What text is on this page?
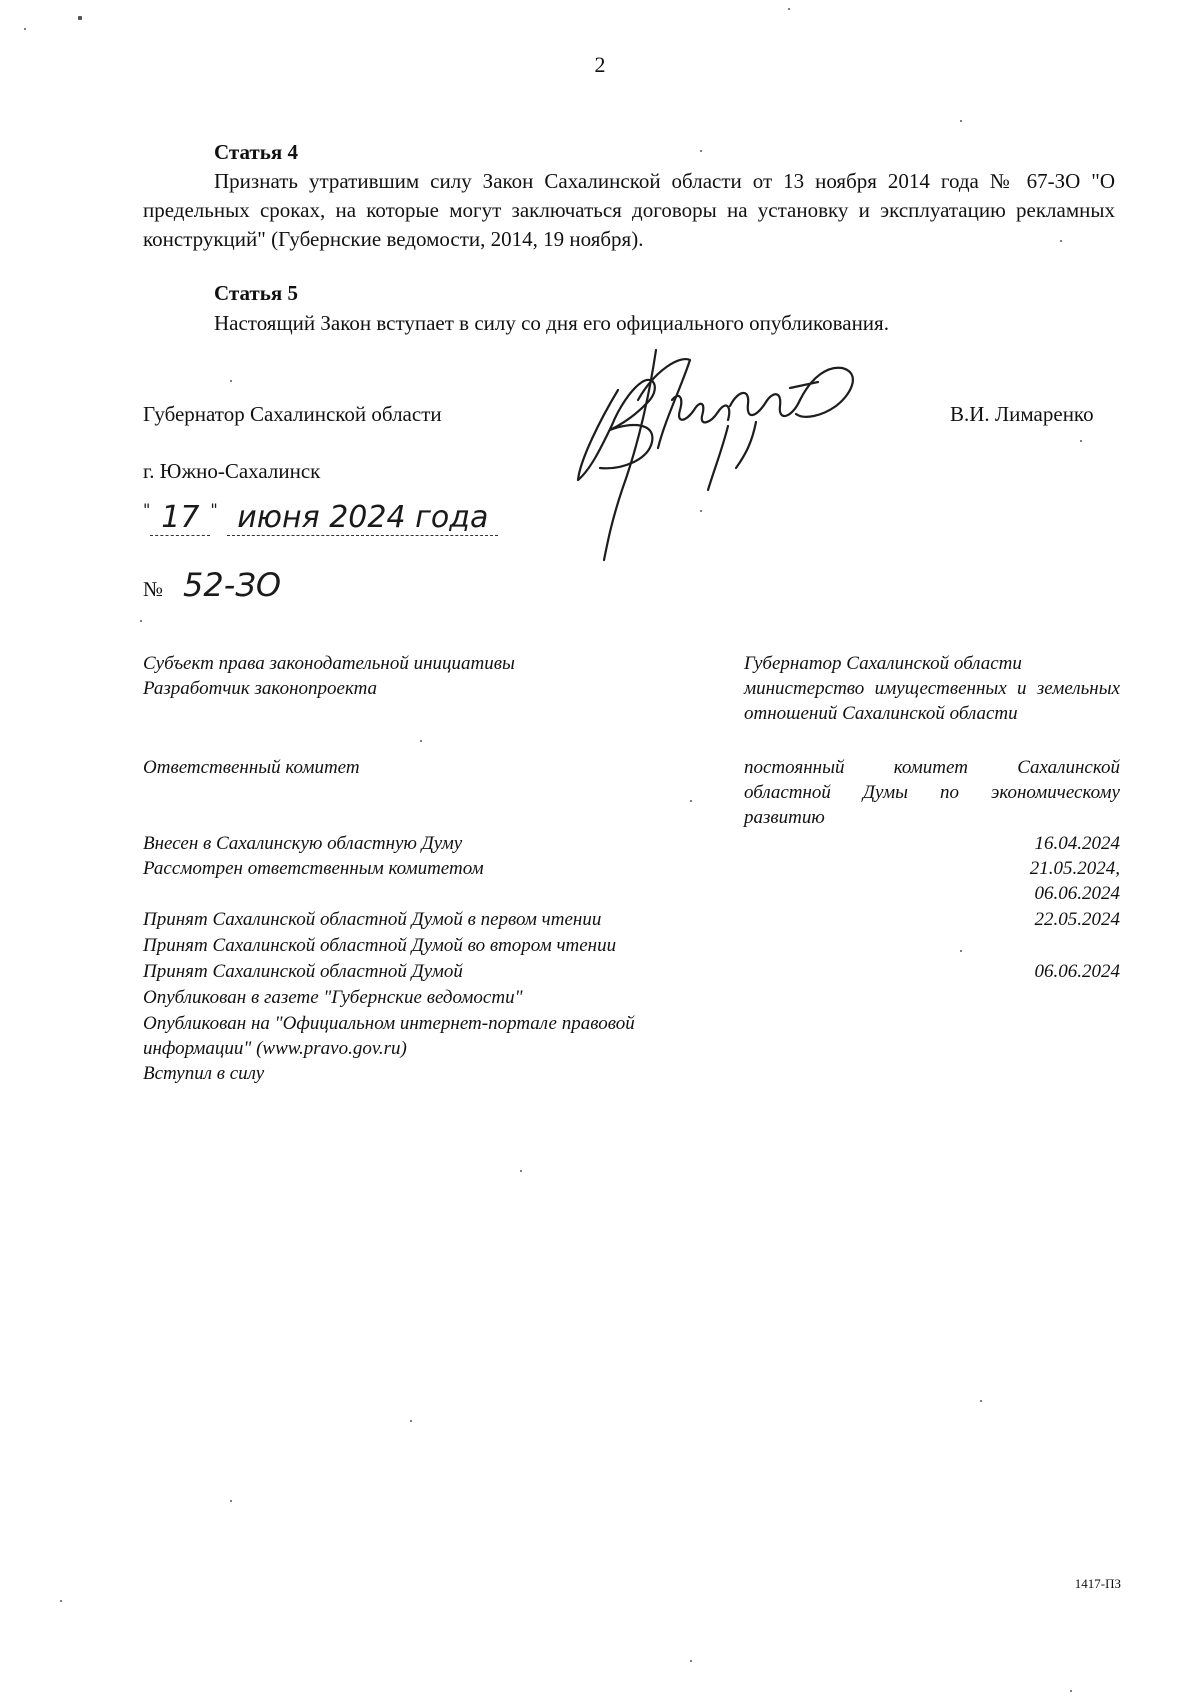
2
Статья 4
Признать утратившим силу Закон Сахалинской области от 13 ноября 2014 года № 67-ЗО "О предельных сроках, на которые могут заключаться договоры на установку и эксплуатацию рекламных конструкций" (Губернские ведомости, 2014, 19 ноября).
Статья 5
Настоящий Закон вступает в силу со дня его официального опубликования.
Губернатор Сахалинской области	В.И. Лимаренко
г. Южно-Сахалинск
" 17 " июня 2024 года
№ 52-ЗО
Субъект права законодательной инициативы
Разработчик законопроекта
Ответственный комитет
Внесен в Сахалинскую областную Думу
Рассмотрен ответственным комитетом
Принят Сахалинской областной Думой в первом чтении
Принят Сахалинской областной Думой во втором чтении
Принят Сахалинской областной Думой
Опубликован в газете "Губернские ведомости"
Опубликован на "Официальном интернет-портале правовой
информации" (www.pravo.gov.ru)
Вступил в силу
Губернатор Сахалинской области
министерство имущественных и земельных отношений Сахалинской области
постоянный комитет Сахалинской областной Думы по экономическому развитию
16.04.2024
21.05.2024,
06.06.2024
22.05.2024
06.06.2024
1417-ПЗ
